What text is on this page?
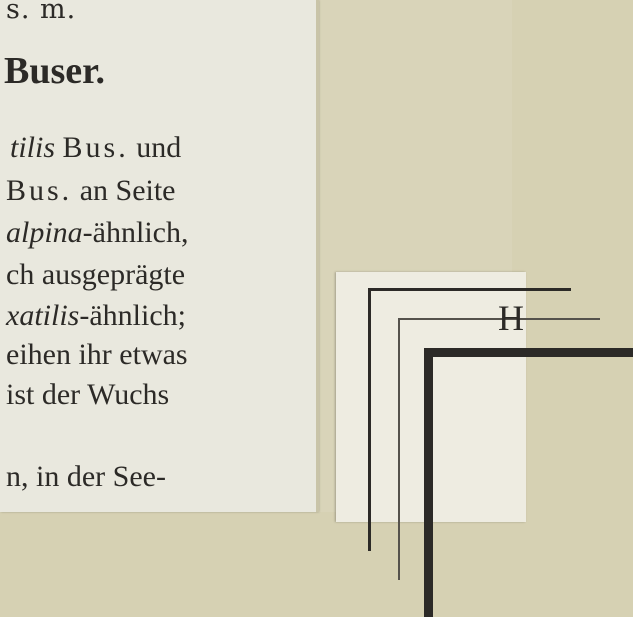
s. m.
Buser.
tilis Bus. und
Bus. an Seite
alpina-ähnlich,
ch ausgeprägte
xatilis-ähnlich;
eihen ihr etwas
ist der Wuchs
n, in der See-
H
